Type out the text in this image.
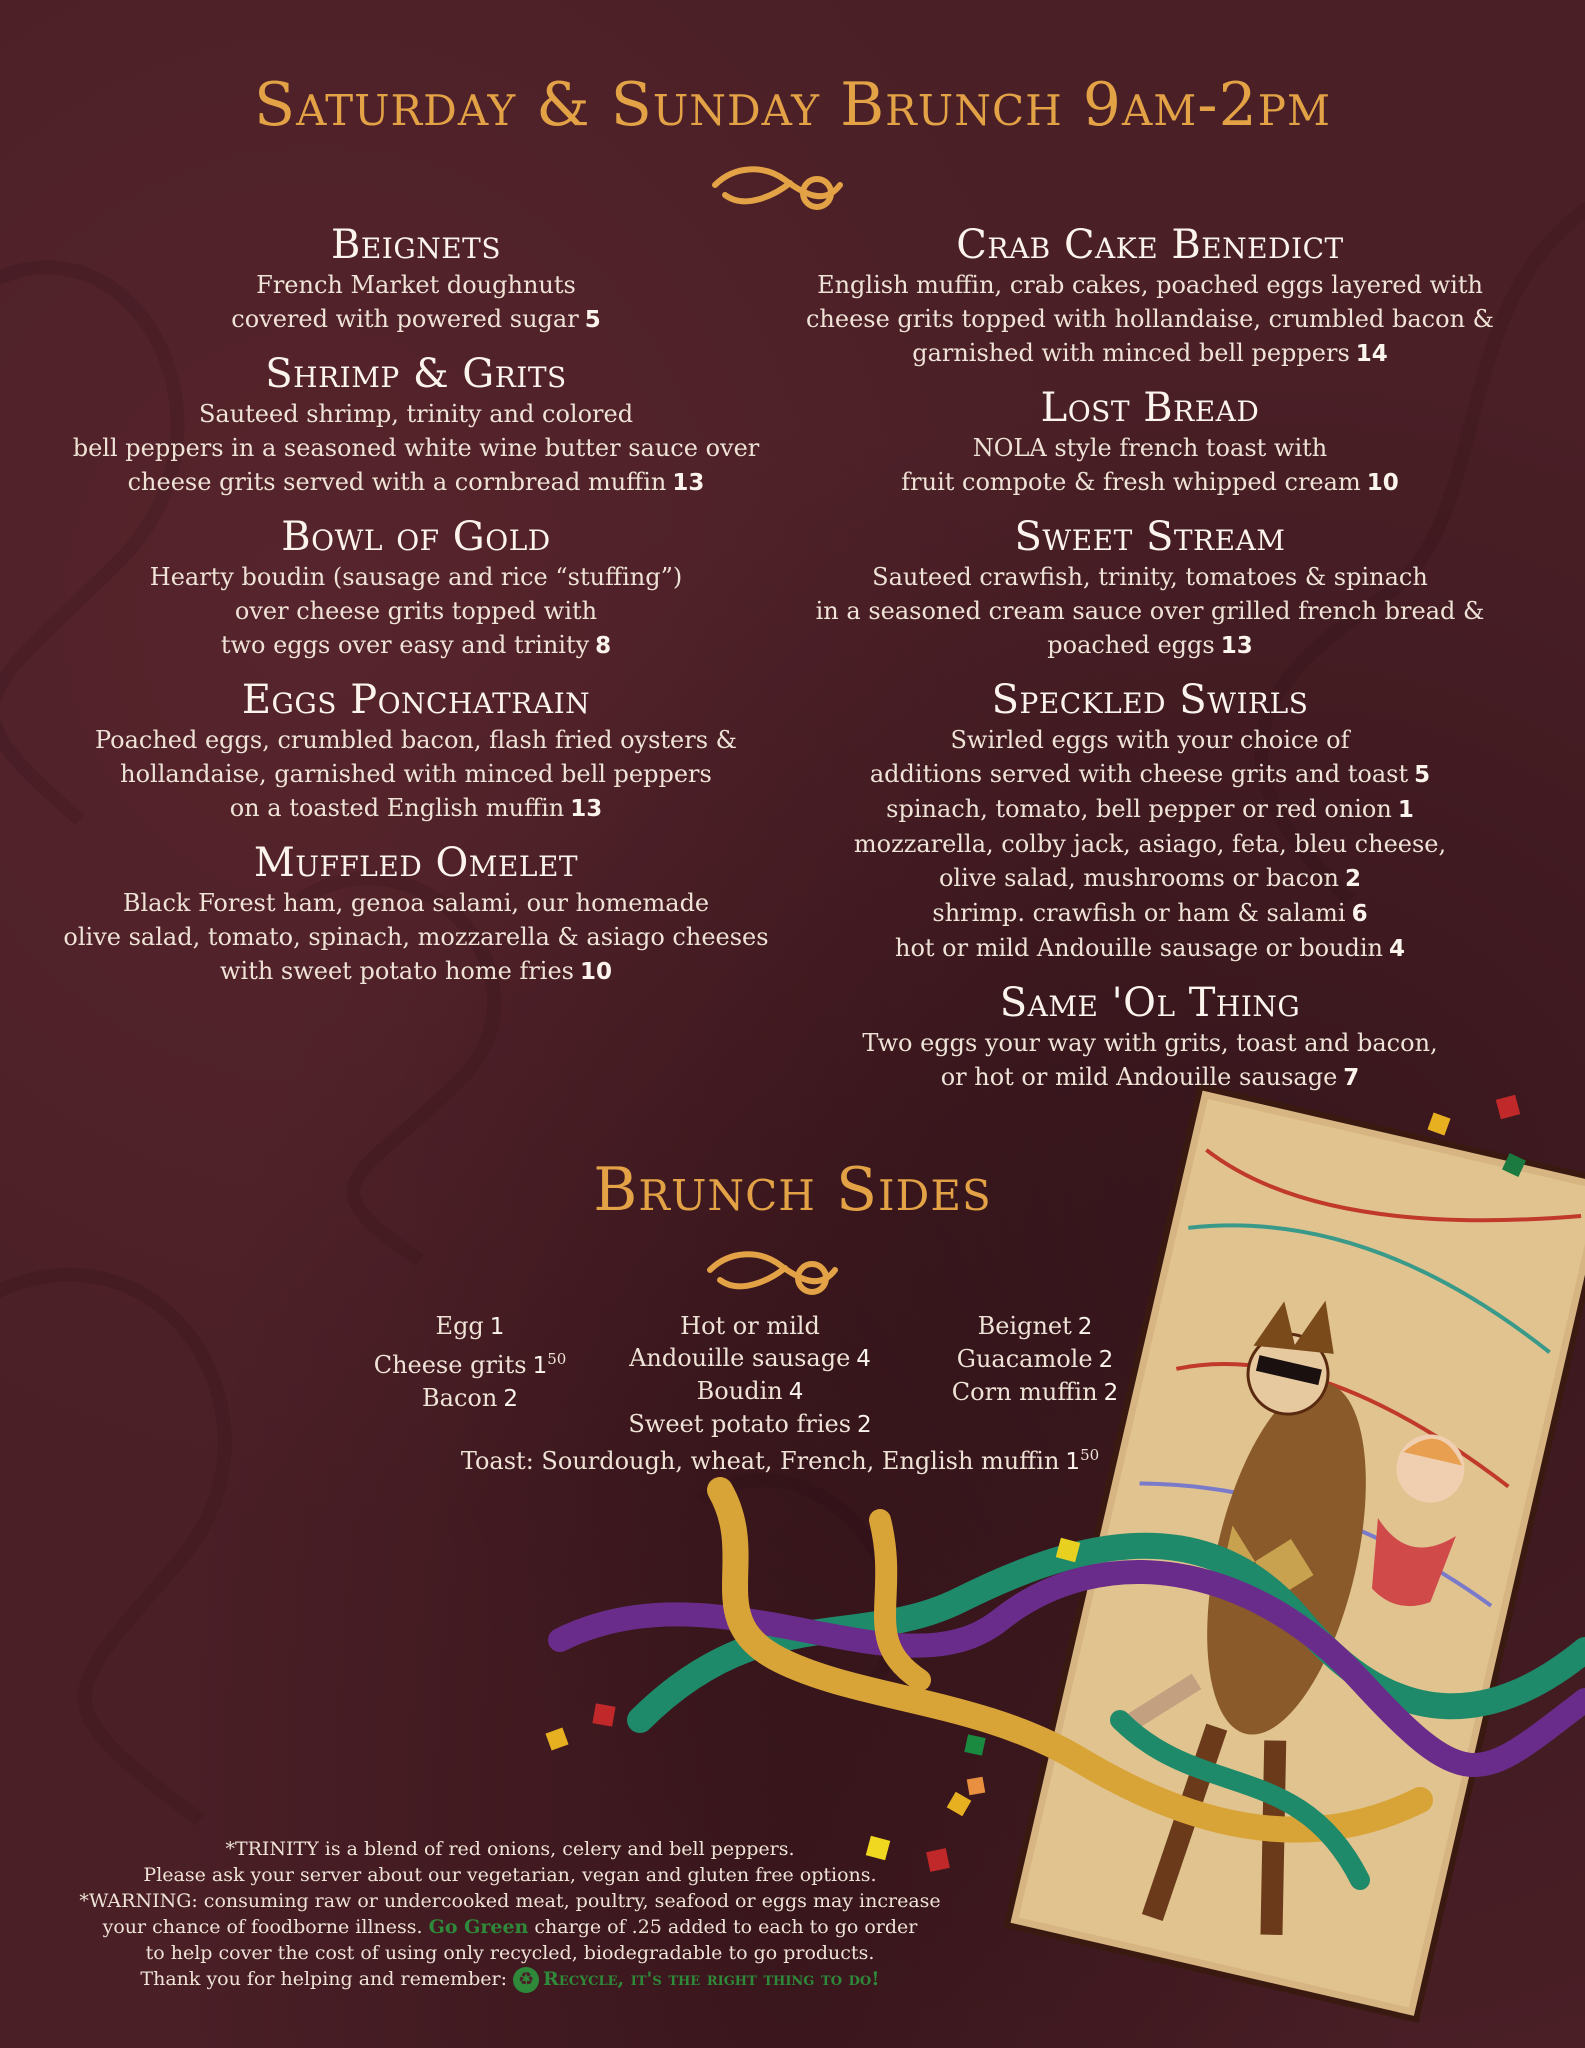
Saturday & Sunday Brunch 9am-2pm
Beignets

French Market doughnuts
covered with powered sugar 5

Shrimp & Grits

Sauteed shrimp, trinity and colored
bell peppers in a seasoned white wine butter sauce over
cheese grits served with a cornbread muffin 13

Bowl of Gold

Hearty boudin (sausage and rice “stuffing”)
over cheese grits topped with
two eggs over easy and trinity 8

Eggs Ponchatrain

Poached eggs, crumbled bacon, flash fried oysters &
hollandaise, garnished with minced bell peppers
on a toasted English muffin 13

Muffled Omelet

Black Forest ham, genoa salami, our homemade
olive salad, tomato, spinach, mozzarella & asiago cheeses
with sweet potato home fries 10

Crab Cake Benedict

English muffin, crab cakes, poached eggs layered with
cheese grits topped with hollandaise, crumbled bacon &
garnished with minced bell peppers 14

Lost Bread

NOLA style french toast with
fruit compote & fresh whipped cream 10

Sweet Stream

Sauteed crawfish, trinity, tomatoes & spinach
in a seasoned cream sauce over grilled french bread &
poached eggs 13

Speckled Swirls

Swirled eggs with your choice of
additions served with cheese grits and toast 5
spinach, tomato, bell pepper or red onion 1
mozzarella, colby jack, asiago, feta, bleu cheese,
olive salad, mushrooms or bacon 2
shrimp. crawfish or ham & salami 6
hot or mild Andouille sausage or boudin 4

Same 'Ol Thing

Two eggs your way with grits, toast and bacon,
or hot or mild Andouille sausage 7

Brunch Sides
Egg 1
Cheese grits $1^{50}$
Bacon 2
Hot or mild
Andouille sausage 4
Boudin 4
Sweet potato fries 2
Beignet 2
Guacamole 2
Corn muffin 2
Toast: Sourdough, wheat, French, English muffin $1^{50}$
*TRINITY is a blend of red onions, celery and bell peppers.
Please ask your server about our vegetarian, vegan and gluten free options.
*WARNING: consuming raw or undercooked meat, poultry, seafood or eggs may increase
your chance of foodborne illness. Go Green charge of .25 added to each to go order
to help cover the cost of using only recycled, biodegradable to go products.
Thank you for helping and remember: ♻ Recycle, it's the right thing to do!
